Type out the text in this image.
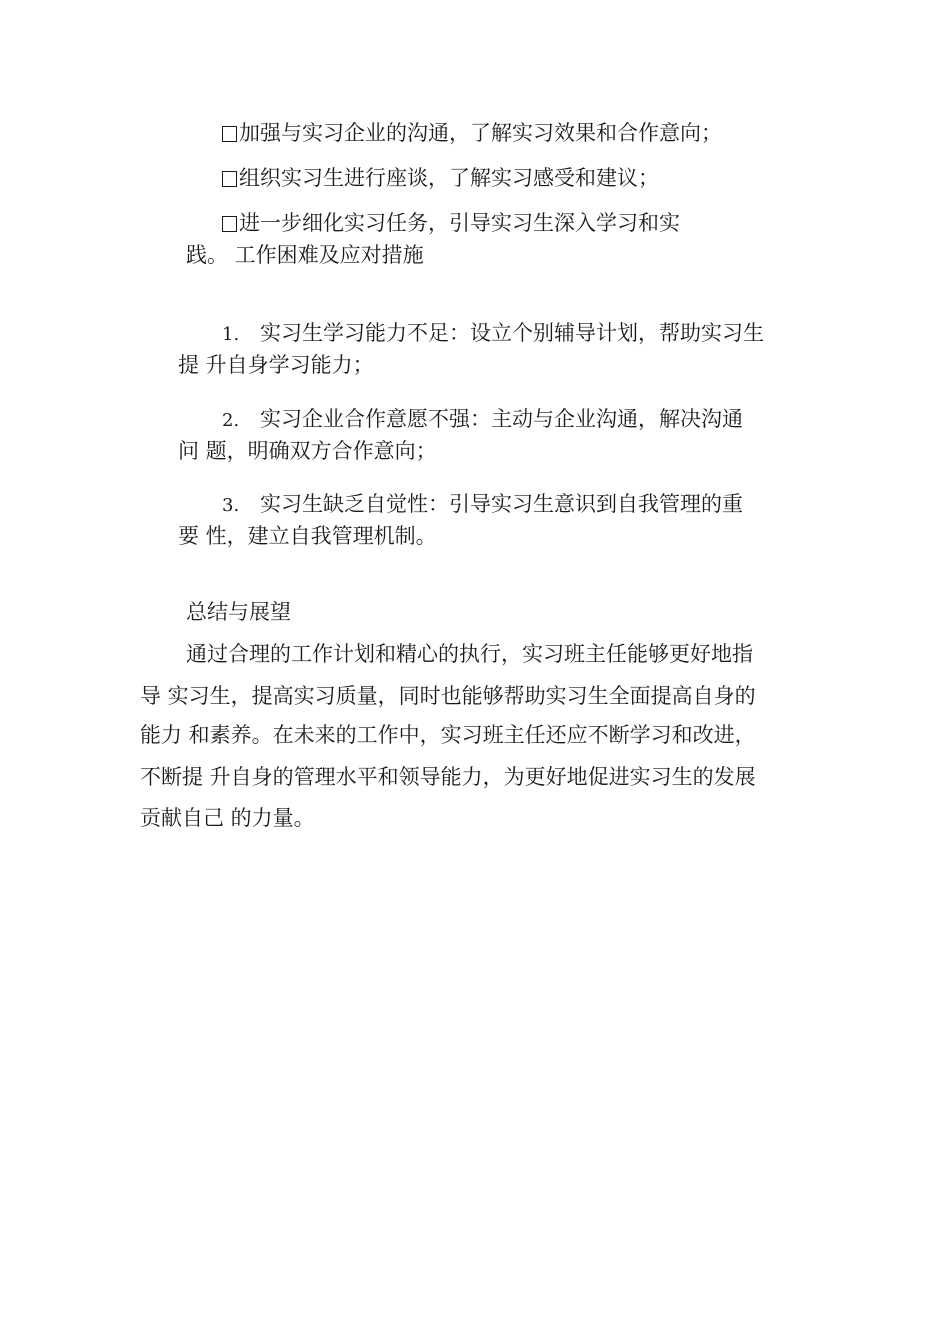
加强与实习企业的沟通，了解实习效果和合作意向；
组织实习生进行座谈，了解实习感受和建议；
进一步细化实习任务，引导实习生深入学习和实
践。 工作困难及应对措施
1. 实习生学习能力不足：设立个别辅导计划，帮助实习生
提 升自身学习能力；
2. 实习企业合作意愿不强：主动与企业沟通，解决沟通
问 题，明确双方合作意向；
3. 实习生缺乏自觉性：引导实习生意识到自我管理的重
要 性，建立自我管理机制。
总结与展望
通过合理的工作计划和精心的执行，实习班主任能够更好地指
导 实习生，提高实习质量，同时也能够帮助实习生全面提高自身的
能力 和素养。在未来的工作中，实习班主任还应不断学习和改进，
不断提 升自身的管理水平和领导能力，为更好地促进实习生的发展
贡献自己 的力量。
